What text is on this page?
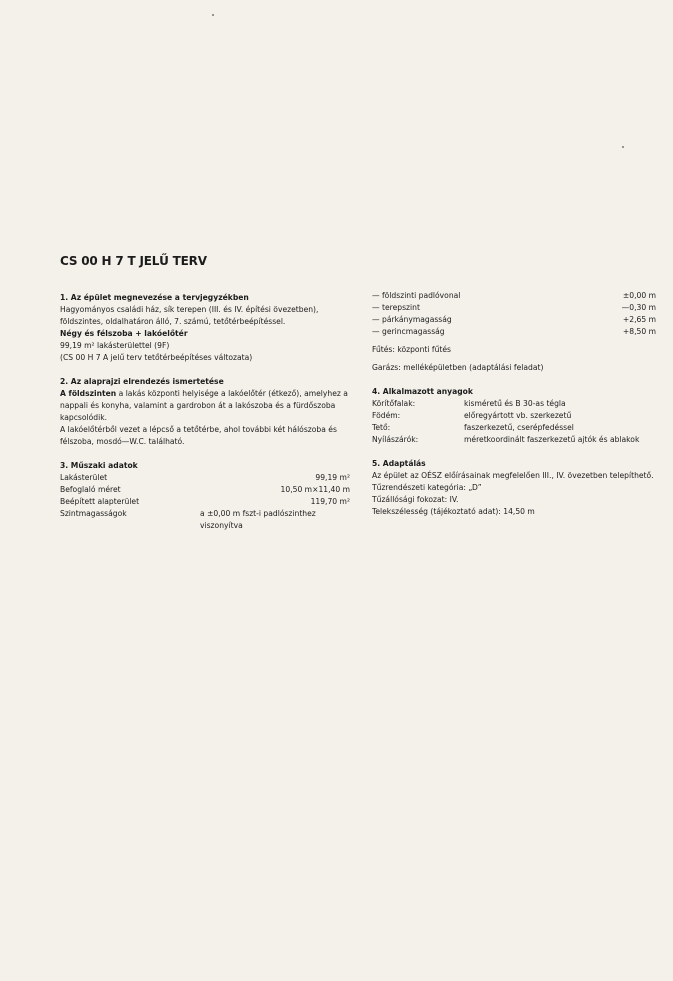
CS 00 H 7 T JELŰ TERV

1. Az épület megnevezése a tervjegyzékben

Hagyományos családi ház, sík terepen (III. és IV. építési övezetben), földszintes, oldalhatáron álló, 7. számú, tetőtérbeépítéssel.

Négy és félszoba + lakóelőtér

99,19 m² lakásterülettel (9F)

(CS 00 H 7 A jelű terv tetőtérbeépítéses változata)

2. Az alaprajzi elrendezés ismertetése

A földszinten a lakás központi helyisége a lakóelőtér (étkező), amelyhez a nappali és konyha, valamint a gardrobon át a lakószoba és a fürdőszoba kapcsolódik.

A lakóelőtérből vezet a lépcső a tetőtérbe, ahol további két hálószoba és félszoba, mosdó—W.C. található.

3. Műszaki adatok

Lakásterület	99,19 m²
Befoglaló méret	10,50 m×11,40 m
Beépített alapterület	119,70 m²
Szintmagasságok	a ±0,00 m fszt-i padlószinthez viszonyítva
— földszinti padlóvonal	±0,00 m
— terepszint	—0,30 m
— párkánymagasság	+2,65 m
— gerincmagasság	+8,50 m

Fűtés: központi fűtés

Garázs: melléképületben (adaptálási feladat)

4. Alkalmazott anyagok

Körítőfalak:	kisméretű és B 30-as tégla
Födém:	előregyártott vb. szerkezetű
Tető:	faszerkezetű, cserépfedéssel
Nyílászárók:	méretkoordinált faszerkezetű ajtók és ablakok

5. Adaptálás

Az épület az OÉSZ előírásainak megfelelően III., IV. övezetben telepíthető.

Tűzrendészeti kategória: „D”

Tűzállósági fokozat: IV.

Telekszélesség (tájékoztató adat): 14,50 m
